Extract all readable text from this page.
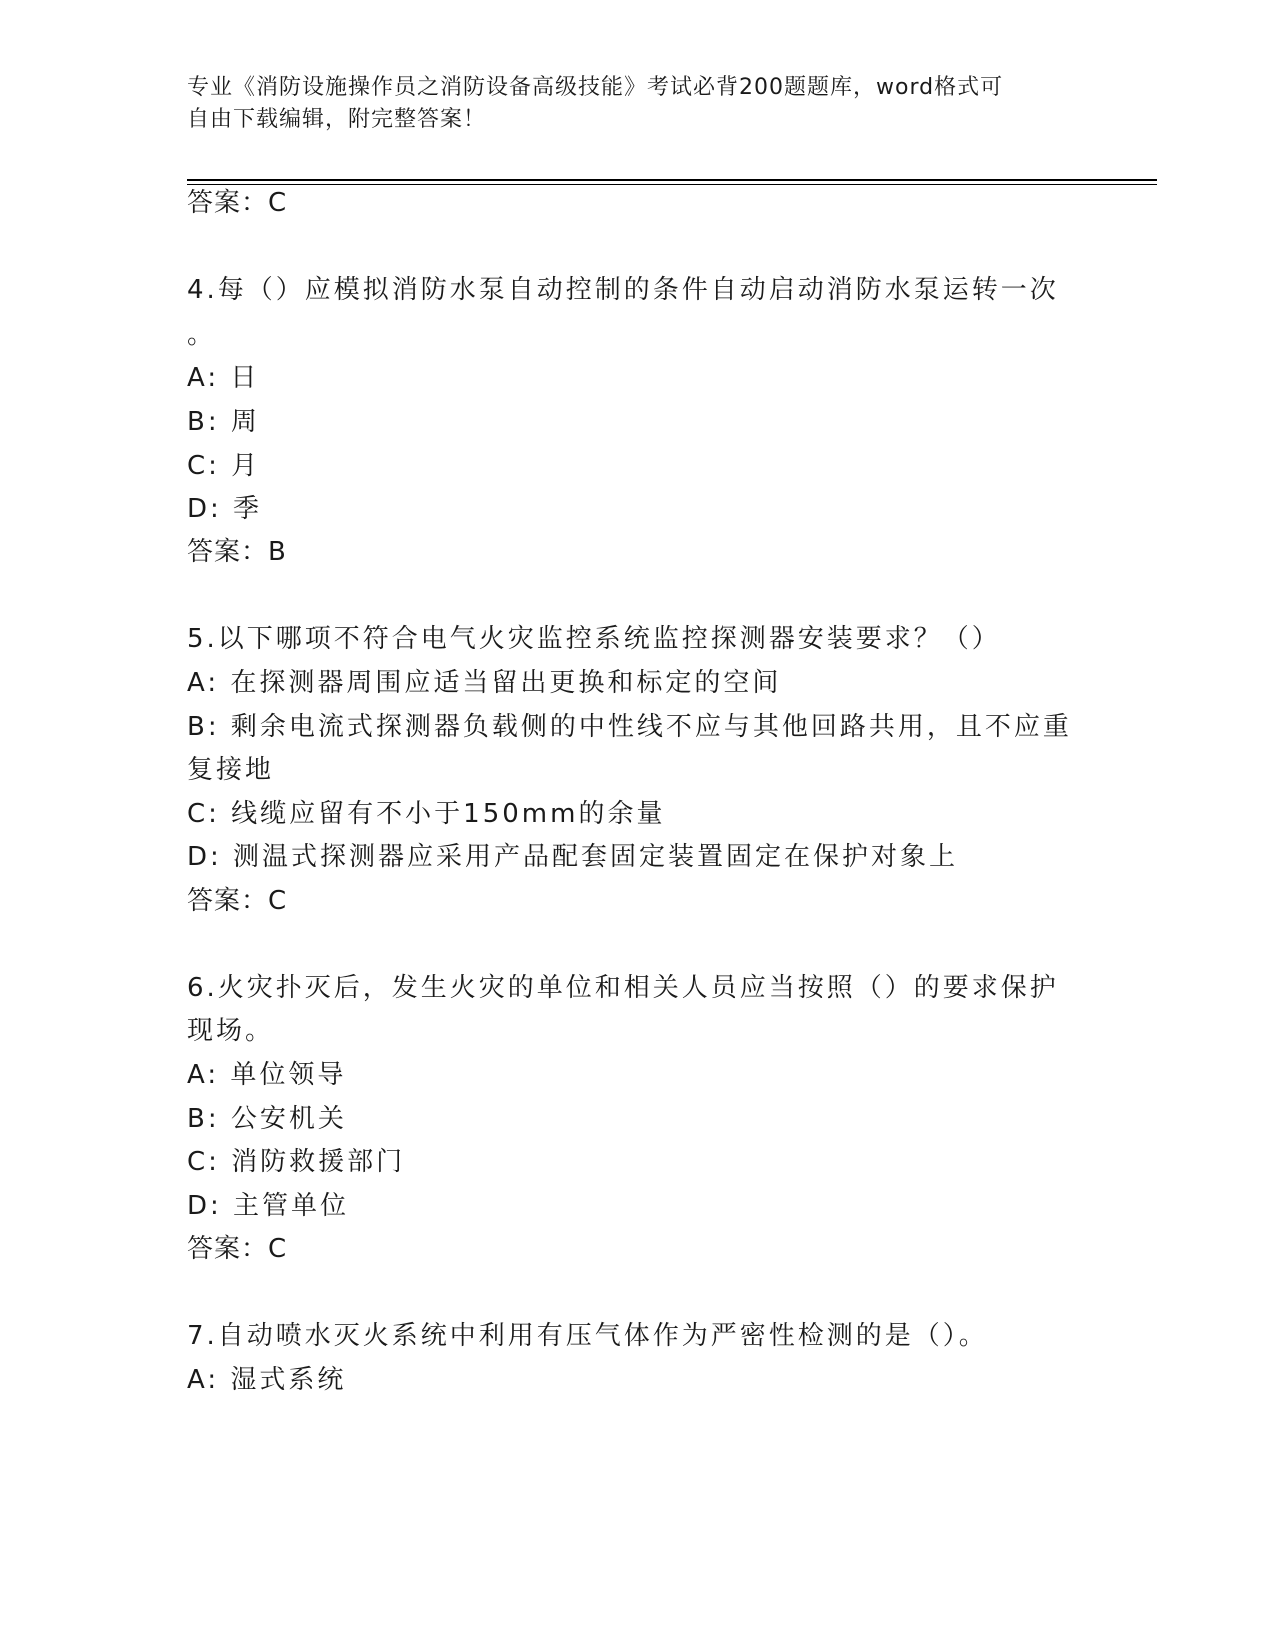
专业《消防设施操作员之消防设备高级技能》考试必背200题题库，word格式可
自由下载编辑，附完整答案！
答案：C
4.每（）应模拟消防水泵自动控制的条件自动启动消防水泵运转一次
。
A: 日
B: 周
C: 月
D: 季
答案：B
5.以下哪项不符合电气火灾监控系统监控探测器安装要求？（）
A: 在探测器周围应适当留出更换和标定的空间
B: 剩余电流式探测器负载侧的中性线不应与其他回路共用，且不应重
复接地
C: 线缆应留有不小于150mm的余量
D: 测温式探测器应采用产品配套固定装置固定在保护对象上
答案：C
6.火灾扑灭后，发生火灾的单位和相关人员应当按照（）的要求保护
现场。
A: 单位领导
B: 公安机关
C: 消防救援部门
D: 主管单位
答案：C
7.自动喷水灭火系统中利用有压气体作为严密性检测的是（）。
A: 湿式系统
